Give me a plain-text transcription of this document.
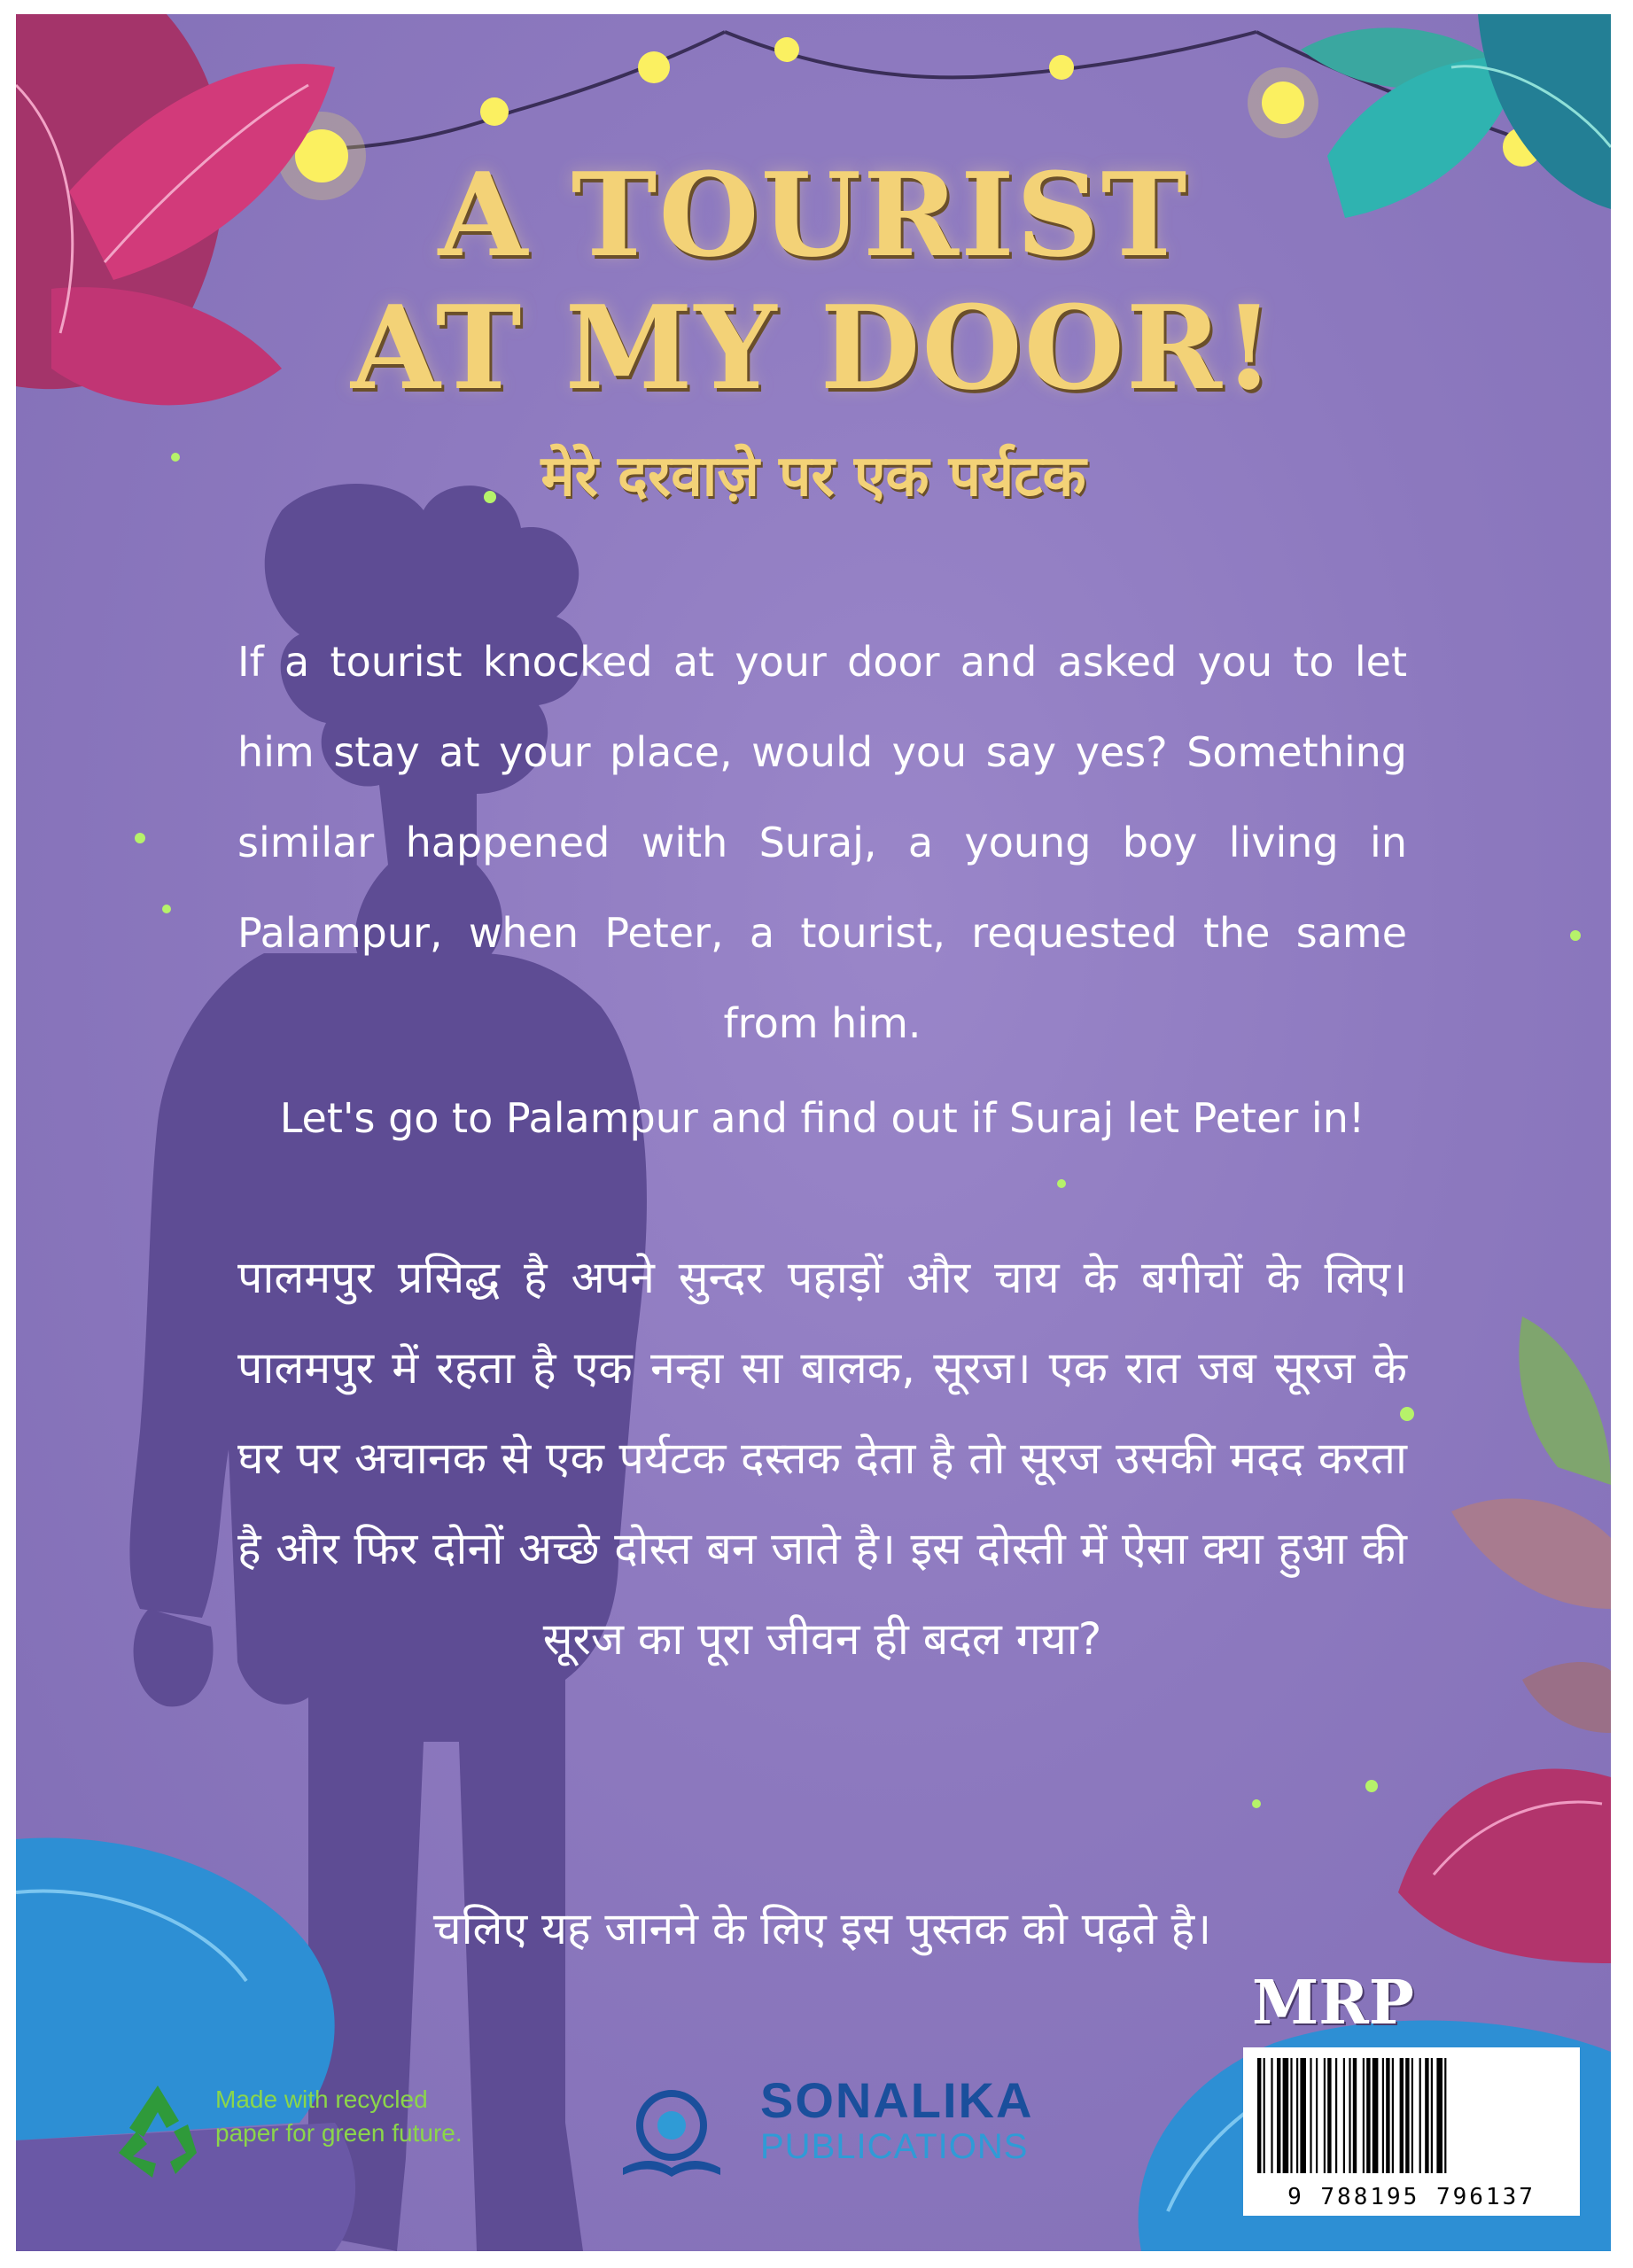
A TOURIST
AT MY DOOR!
मेरे दरवाज़े पर एक पर्यटक

If a tourist knocked at your door and asked you to let him stay at your place, would you say yes? Something similar happened with Suraj, a young boy living in Palampur, when Peter, a tourist, requested the same from him.

Let's go to Palampur and find out if Suraj let Peter in!

पालमपुर प्रसिद्ध है अपने सुन्दर पहाड़ों और चाय के बगीचों के लिए। पालमपुर में रहता है एक नन्हा सा बालक, सूरज। एक रात जब सूरज के घर पर अचानक से एक पर्यटक दस्तक देता है तो सूरज उसकी मदद करता है और फिर दोनों अच्छे दोस्त बन जाते है। इस दोस्ती में ऐसा क्या हुआ की सूरज का पूरा जीवन ही बदल गया?

चलिए यह जानने के लिए इस पुस्तक को पढ़ते है।

MRP

9 788195 796137

Made with recycled
paper for green future.

SONALIKA
PUBLICATIONS
